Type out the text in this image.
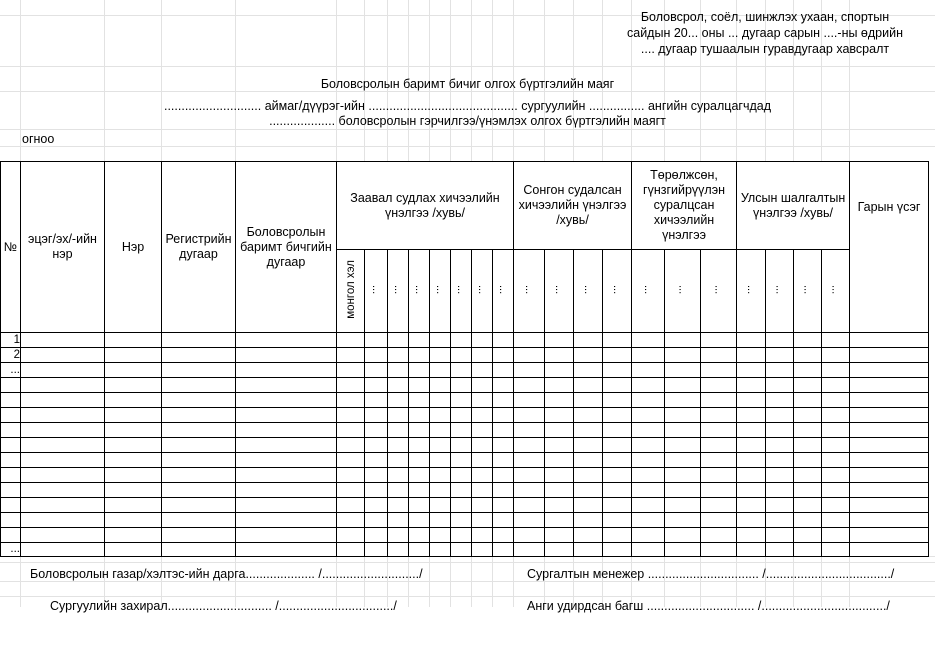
Боловсрол, соёл, шинжлэх ухаан, спортын
сайдын 20... оны ... дугаар сарын ....-ны өдрийн
.... дугаар тушаалын гуравдугаар хавсралт
Боловсролын баримт бичиг олгох бүртгэлийн маяг
............................ аймаг/дүүрэг-ийн ........................................... сургуулийн ................ ангийн суралцагчдад
................... боловсролын гэрчилгээ/үнэмлэх олгох бүртгэлийн маягт
огноо
№	эцэг/эх/-ийн нэр	Нэр	Регистрийн дугаар	Боловсролын баримт бичгийн дугаар	Заавал судлах хичээлийн үнэлгээ /хувь/								Сонгон судалсан хичээлийн үнэлгээ /хувь/				Төрөлжсөн, гүнзгийрүүлэн суралцсан хичээлийн үнэлгээ			Улсын шалгалтын үнэлгээ /хувь/				Гарын үсэг
					монгол хэл	...	...	...	...	...	...	...	...	...	...	...	...	...	...	...	...	...	...	
1																								
2																								
...																								

...																								
Боловсролын газар/хэлтэс-ийн дарга.................... /............................/	Сургалтын менежер ................................ /..................................../
Сургуулийн захирал.............................. /................................./	Анги удирдсан багш ............................... /..................................../
